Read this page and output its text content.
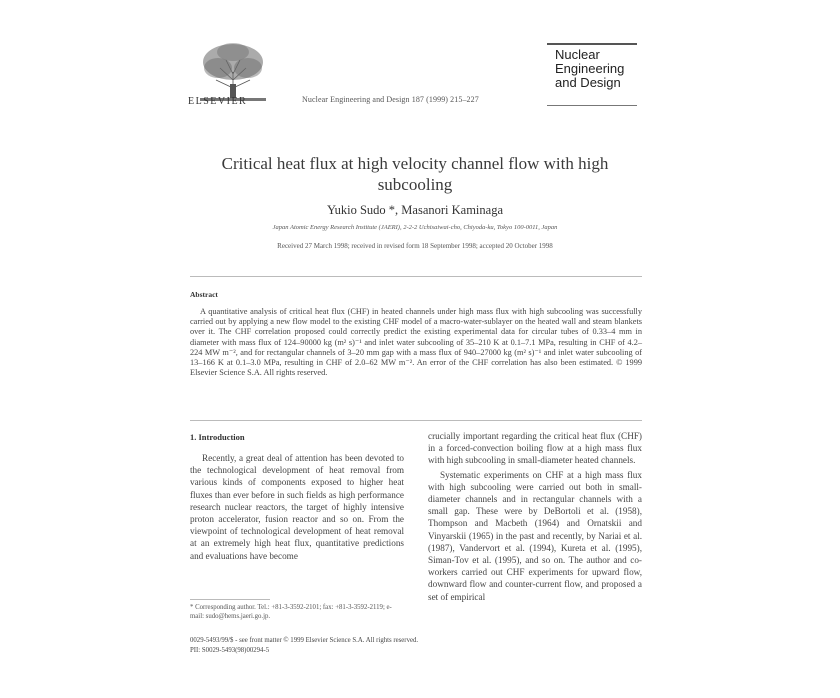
ELSEVIER	Nuclear Engineering and Design 187 (1999) 215–227
Nuclear
Engineering
and Design
Critical heat flux at high velocity channel flow with high
subcooling
Yukio Sudo *, Masanori Kaminaga
Japan Atomic Energy Research Institute (JAERI), 2-2-2 Uchisaiwai-cho, Chiyoda-ku, Tokyo 100-0011, Japan
Received 27 March 1998; received in revised form 18 September 1998; accepted 20 October 1998
Abstract
A quantitative analysis of critical heat flux (CHF) in heated channels under high mass flux with high subcooling was successfully carried out by applying a new flow model to the existing CHF model of a macro-water-sublayer on the heated wall and steam blankets over it. The CHF correlation proposed could correctly predict the existing experimental data for circular tubes of 0.33–4 mm in diameter with mass flux of 124–90000 kg (m² s)⁻¹ and inlet water subcooling of 35–210 K at 0.1–7.1 MPa, resulting in CHF of 4.2–224 MW m⁻², and for rectangular channels of 3–20 mm gap with a mass flux of 940–27000 kg (m² s)⁻¹ and inlet water subcooling of 13–166 K at 0.1–3.0 MPa, resulting in CHF of 2.0–62 MW m⁻². An error of the CHF correlation has also been estimated. © 1999 Elsevier Science S.A. All rights reserved.
1. Introduction

Recently, a great deal of attention has been devoted to the technological development of heat removal from various kinds of components exposed to higher heat fluxes than ever before in such fields as high performance research nuclear reactors, the target of highly intensive proton accelerator, fusion reactor and so on. From the viewpoint of technological development of heat removal at an extremely high heat flux, quantitative predictions and evaluations have become

crucially important regarding the critical heat flux (CHF) in a forced-convection boiling flow at a high mass flux with high subcooling in small-diameter heated channels.

Systematic experiments on CHF at a high mass flux with high subcooling were carried out both in small-diameter channels and in rectangular channels with a small gap. These were by DeBortoli et al. (1958), Thompson and Macbeth (1964) and Ornatskii and Vinyarskii (1965) in the past and recently, by Nariai et al. (1987), Vandervort et al. (1994), Kureta et al. (1995), Siman-Tov et al. (1995), and so on. The author and co-workers carried out CHF experiments for upward flow, downward flow and counter-current flow, and proposed a set of empirical

* Corresponding author. Tel.: +81-3-3592-2101; fax: +81-3-3592-2119; e-mail: sudo@hems.jaeri.go.jp.
0029-5493/99/$ - see front matter © 1999 Elsevier Science S.A. All rights reserved.
PII: S0029-5493(98)00294-5
